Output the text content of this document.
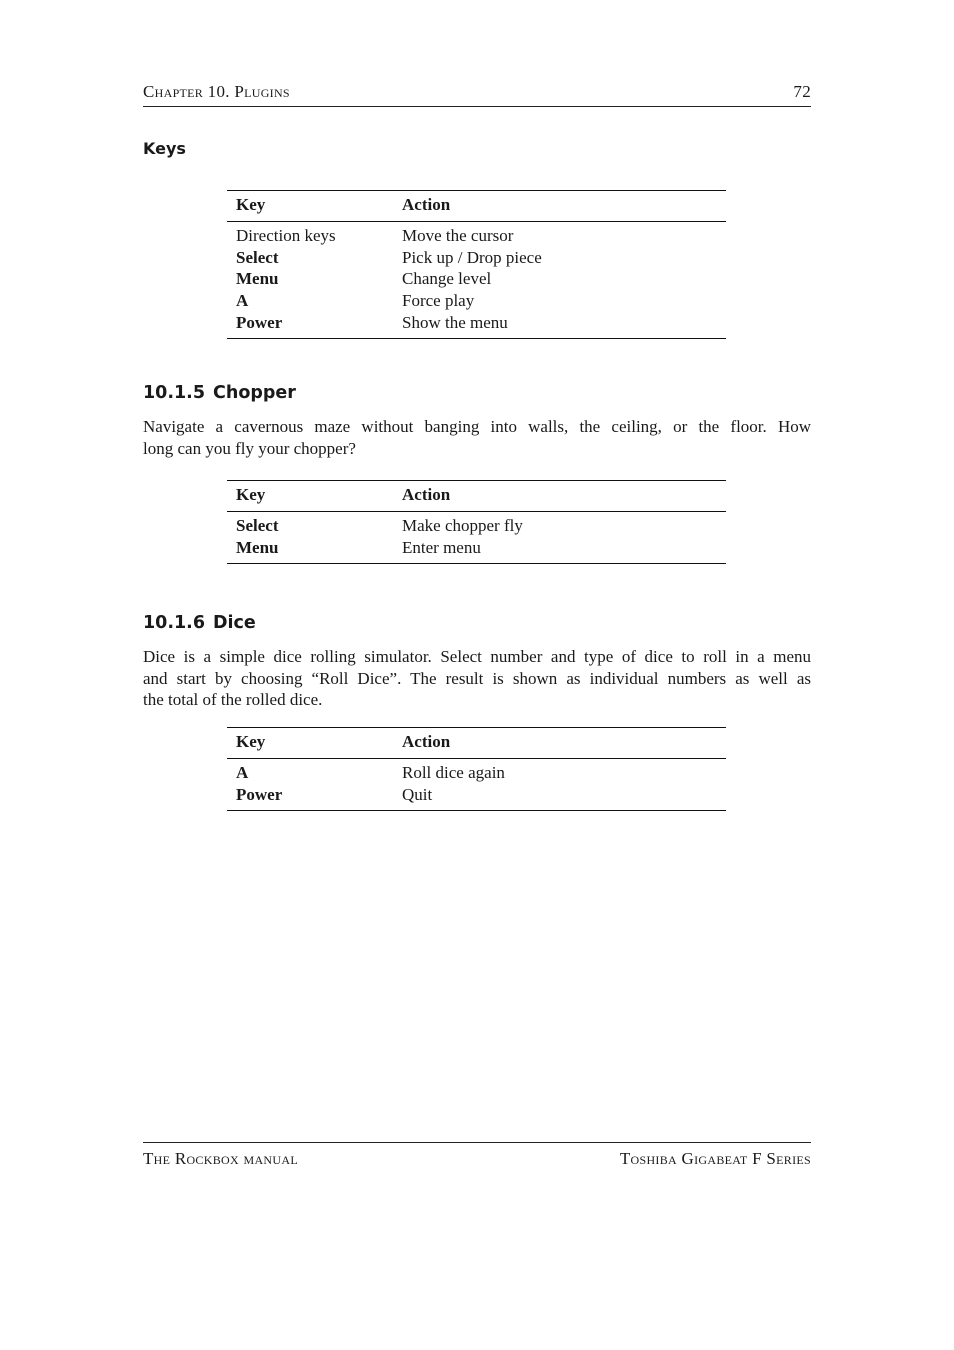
Chapter 10. Plugins	72
Keys
Key	Action
Direction keys	Move the cursor
Select	Pick up / Drop piece
Menu	Change level
A	Force play
Power	Show the menu
10.1.5 Chopper
Navigate a cavernous maze without banging into walls, the ceiling, or the floor. How
long can you fly your chopper?
Key	Action
Select	Make chopper fly
Menu	Enter menu
10.1.6 Dice
Dice is a simple dice rolling simulator. Select number and type of dice to roll in a menu
and start by choosing “Roll Dice”. The result is shown as individual numbers as well as
the total of the rolled dice.
Key	Action
A	Roll dice again
Power	Quit
The Rockbox manual	Toshiba Gigabeat F Series
